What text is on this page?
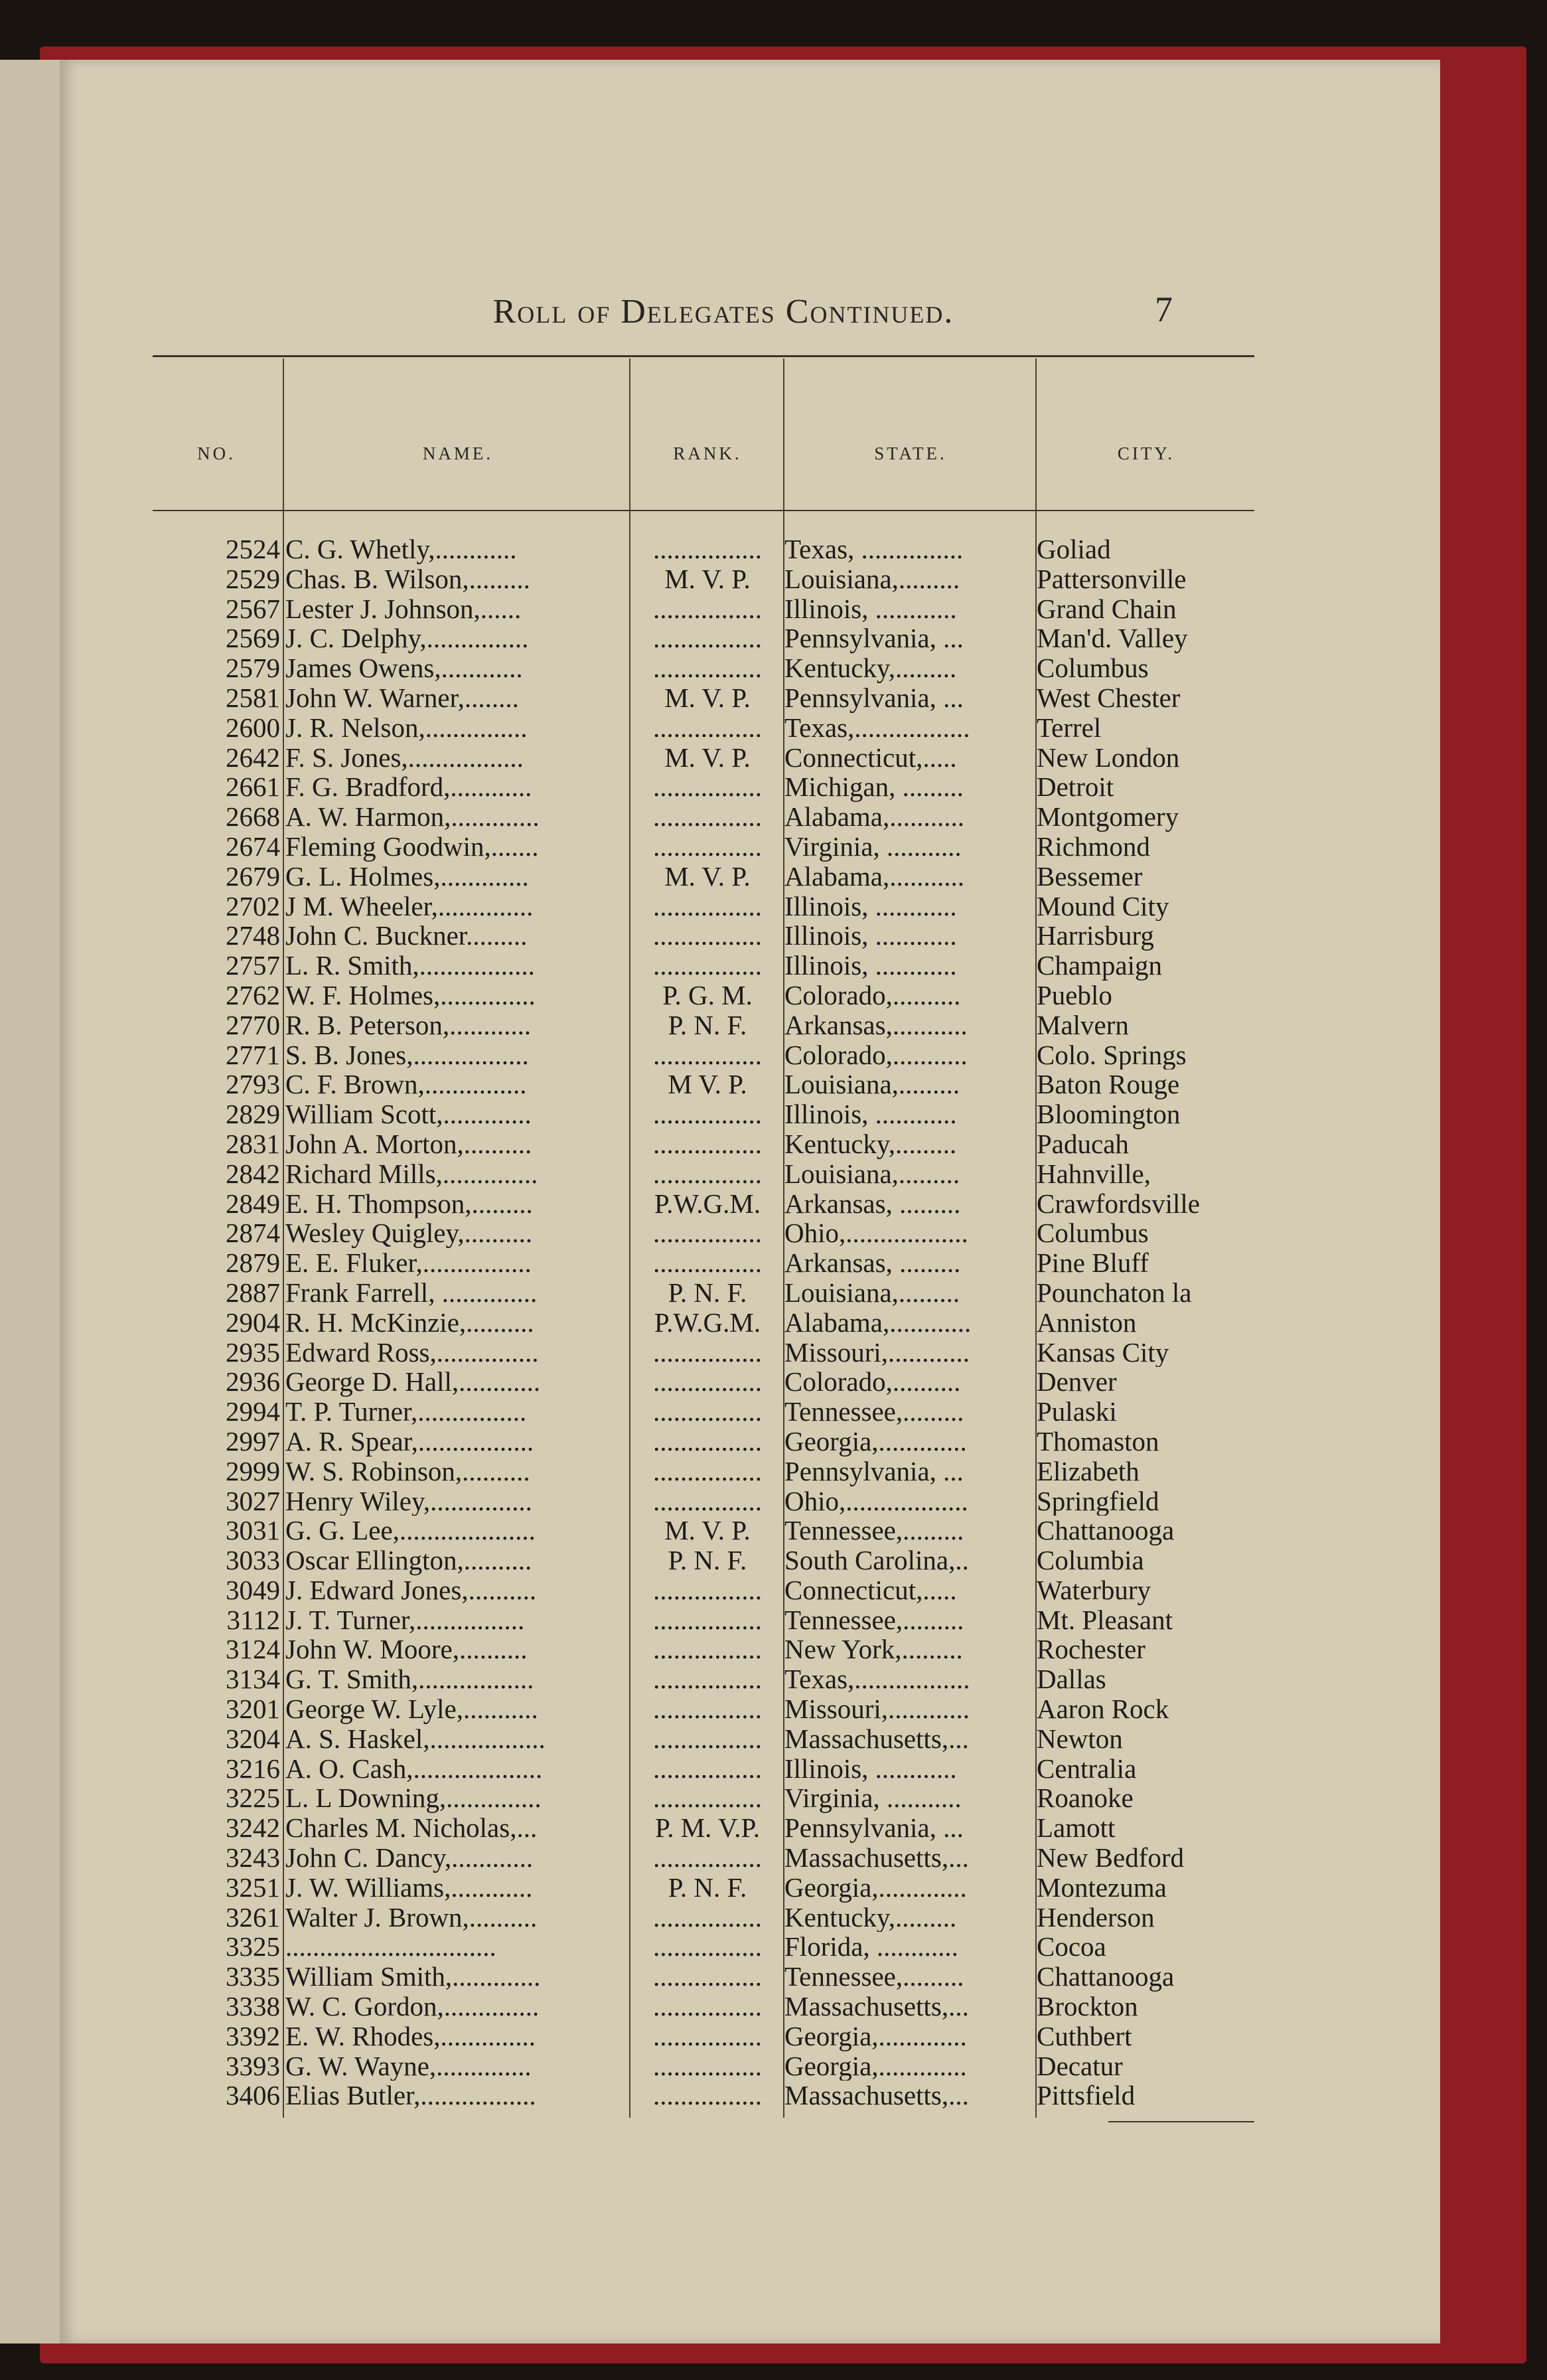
Roll of Delegates Continued.	7
NO.	NAME.	RANK.	STATE.	CITY.
2524 C. G. Whetly,............	................ Texas, ...............	Goliad
2529 Chas. B. Wilson,.........	M. V. P.	Louisiana,.........	Pattersonville
2567 Lester J. Johnson,......	................ Illinois, ............	Grand Chain
2569 J. C. Delphy,...............	................ Pennsylvania, ...	Man'd. Valley
2579 James Owens,............	................ Kentucky,.........	Columbus
2581 John W. Warner,........	M. V. P.	Pennsylvania, ...	West Chester
2600 J. R. Nelson,...............	................ Texas,.................	Terrel
2642 F. S. Jones,.................	M. V. P.	Connecticut,.....	New London
2661 F. G. Bradford,............	................ Michigan, .........	Detroit
2668 A. W. Harmon,.............	................ Alabama,...........	Montgomery
2674 Fleming Goodwin,.......	................ Virginia, ...........	Richmond
2679 G. L. Holmes,.............	M. V. P.	Alabama,...........	Bessemer
2702 J M. Wheeler,..............	................ Illinois, ............	Mound City
2748 John C. Buckner.........	................ Illinois, ............	Harrisburg
2757 L. R. Smith,.................	................ Illinois, ............	Champaign
2762 W. F. Holmes,..............	P. G. M.	Colorado,..........	Pueblo
2770 R. B. Peterson,............	P. N. F.	Arkansas,...........	Malvern
2771 S. B. Jones,.................	................ Colorado,...........	Colo. Springs
2793 C. F. Brown,...............	M V. P.	Louisiana,.........	Baton Rouge
2829 William Scott,.............	................ Illinois, ............	Bloomington
2831 John A. Morton,..........	................ Kentucky,.........	Paducah
2842 Richard Mills,..............	................ Louisiana,.........	Hahnville,
2849 E. H. Thompson,.........	P.W.G.M. Arkansas, .........	Crawfordsville
2874 Wesley Quigley,..........	................ Ohio,..................	Columbus
2879 E. E. Fluker,................	................ Arkansas, .........	Pine Bluff
2887 Frank Farrell, ..............	P. N. F.	Louisiana,.........	Pounchaton la
2904 R. H. McKinzie,..........	P.W.G.M. Alabama,............	Anniston
2935 Edward Ross,...............	................ Missouri,............	Kansas City
2936 George D. Hall,............	................ Colorado,..........	Denver
2994 T. P. Turner,................	................ Tennessee,.........	Pulaski
2997 A. R. Spear,.................	................ Georgia,.............	Thomaston
2999 W. S. Robinson,..........	................ Pennsylvania, ...	Elizabeth
3027 Henry Wiley,...............	................ Ohio,..................	Springfield
3031 G. G. Lee,....................	M. V. P.	Tennessee,.........	Chattanooga
3033 Oscar Ellington,..........	P. N. F.	South Carolina,..	Columbia
3049 J. Edward Jones,..........	................ Connecticut,.....	Waterbury
3112 J. T. Turner,................	................ Tennessee,.........	Mt. Pleasant
3124 John W. Moore,..........	................ New York,.........	Rochester
3134 G. T. Smith,.................	................ Texas,.................	Dallas
3201 George W. Lyle,...........	................ Missouri,............	Aaron Rock
3204 A. S. Haskel,.................	................ Massachusetts,...	Newton
3216 A. O. Cash,...................	................ Illinois, ............	Centralia
3225 L. L Downing,..............	................ Virginia, ...........	Roanoke
3242 Charles M. Nicholas,...	P. M. V.P. Pennsylvania, ...	Lamott
3243 John C. Dancy,............	................ Massachusetts,...	New Bedford
3251 J. W. Williams,............	P. N. F.	Georgia,.............	Montezuma
3261 Walter J. Brown,..........	................ Kentucky,.........	Henderson
3325 ...............................	................ Florida, ............	Cocoa
3335 William Smith,.............	................ Tennessee,.........	Chattanooga
3338 W. C. Gordon,..............	................ Massachusetts,...	Brockton
3392 E. W. Rhodes,..............	................ Georgia,.............	Cuthbert
3393 G. W. Wayne,..............	................ Georgia,.............	Decatur
3406 Elias Butler,.................	................ Massachusetts,...	Pittsfield
